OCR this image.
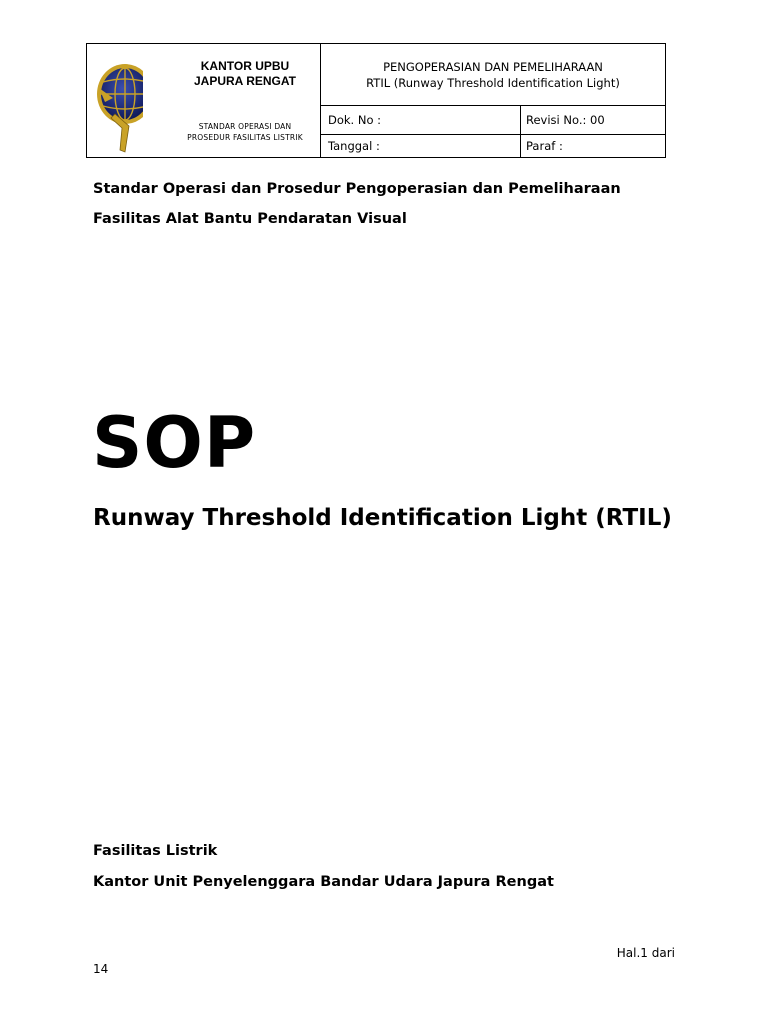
KANTOR UPBU
JAPURA RENGAT
STANDAR OPERASI DAN
PROSEDUR FASILITAS LISTRIK
PENGOPERASIAN DAN PEMELIHARAAN
RTIL (Runway Threshold Identification Light)
Dok. No :	Revisi No.: 00
Tanggal :	Paraf :
Standar Operasi dan Prosedur Pengoperasian dan Pemeliharaan
Fasilitas Alat Bantu Pendaratan Visual
SOP
Runway Threshold Identification Light (RTIL)
Fasilitas Listrik
Kantor Unit Penyelenggara Bandar Udara Japura Rengat
Hal.1 dari
14
